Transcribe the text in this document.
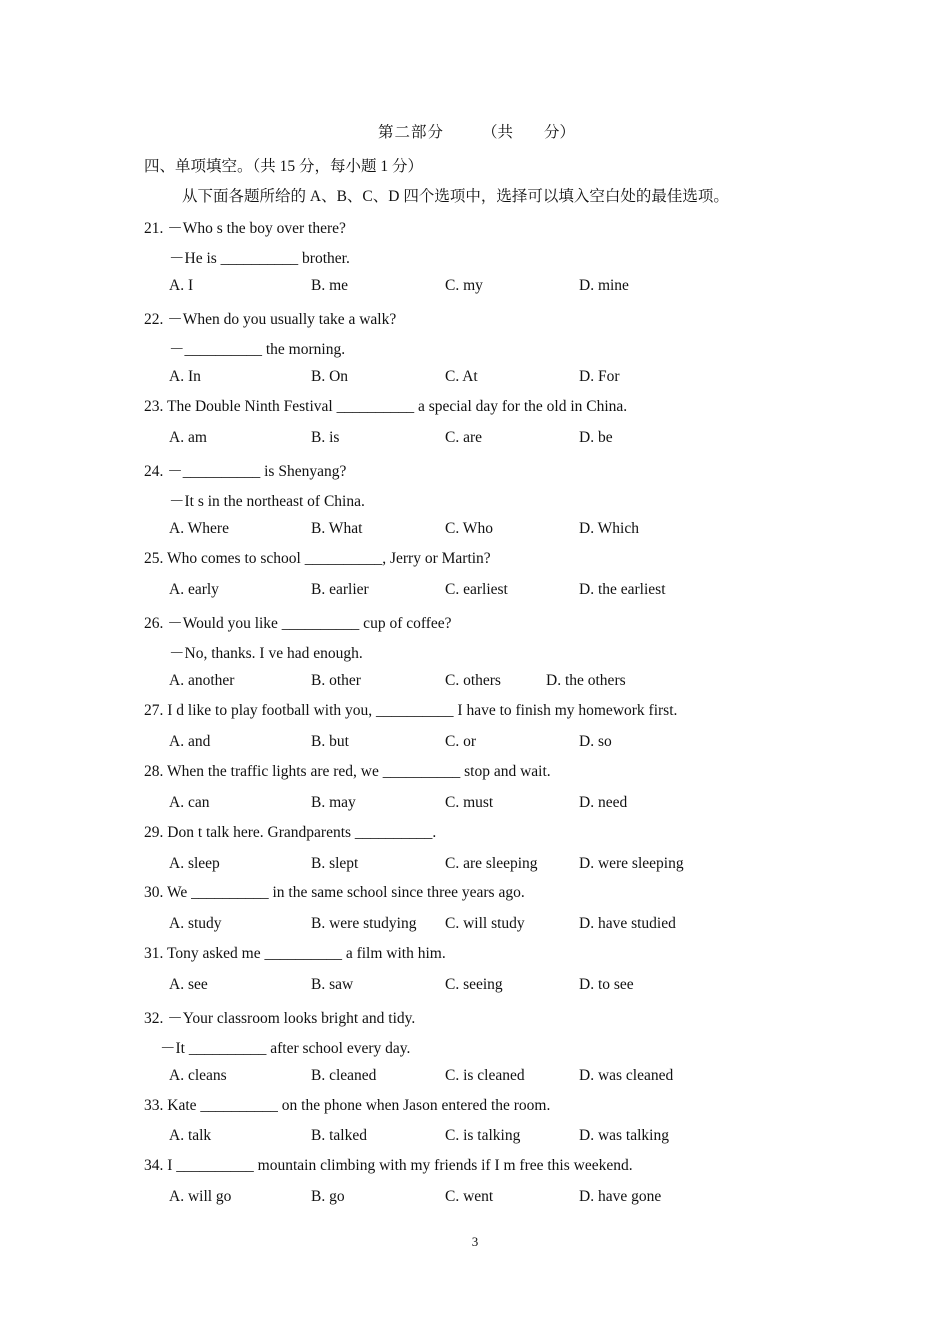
第二部分 （共　　分）
四、单项填空。（共 15 分，每小题 1 分）
从下面各题所给的 A、B、C、D 四个选项中，选择可以填入空白处的最佳选项。
21. －Who s the boy over there?
－He is __________ brother.
A. I	B. me	C. my	D. mine
22. －When do you usually take a walk?
－__________ the morning.
A. In	B. On	C. At	D. For
23. The Double Ninth Festival __________ a special day for the old in China.
A. am	B. is	C. are	D. be
24. －__________ is Shenyang?
－It s in the northeast of China.
A. Where	B. What	C. Who	D. Which
25. Who comes to school __________, Jerry or Martin?
A. early	B. earlier	C. earliest	D. the earliest
26. －Would you like __________ cup of coffee?
－No, thanks. I ve had enough.
A. another	B. other	C. others	D. the others
27. I d like to play football with you, __________ I have to finish my homework first.
A. and	B. but	C. or	D. so
28. When the traffic lights are red, we __________ stop and wait.
A. can	B. may	C. must	D. need
29. Don t talk here. Grandparents __________.
A. sleep	B. slept	C. are sleeping	D. were sleeping
30. We __________ in the same school since three years ago.
A. study	B. were studying C. will study	D. have studied
31. Tony asked me __________ a film with him.
A. see	B. saw	C. seeing	D. to see
32. －Your classroom looks bright and tidy.
－It __________ after school every day.
A. cleans	B. cleaned	C. is cleaned	D. was cleaned
33. Kate __________ on the phone when Jason entered the room.
A. talk	B. talked	C. is talking	D. was talking
34. I __________ mountain climbing with my friends if I m free this weekend.
A. will go	B. go	C. went	D. have gone
3
